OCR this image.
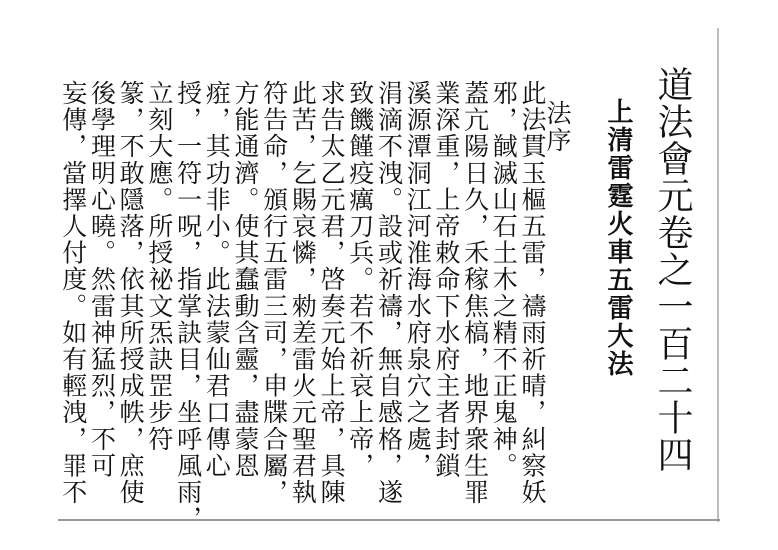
道法會元卷之一百二十四
上清雷霆火車五雷大法
法序
此法貫玉樞五雷，禱雨祈晴，糾察妖
邪，馘滅山石土木之精不正鬼神。
蓋亢陽日久，禾稼焦槁，地界衆生罪
業深重，上帝敕命下水府主者封鎖
溪源潭洞江河淮海水府泉穴之處，
涓滴不洩。設或祈禱，無自感格，遂
致饑饉疫癘刀兵。若不祈哀上帝，
求告太乙元君，啓奏元始上帝，具陳
此苦，乞賜哀憐，勑差雷火元聖君執
符告命，頒行五雷三司，申牒合屬，
方能通濟。使其蠢動含靈，盡蒙恩
㾠，其功非小。此法蒙仙君口傳心
授，一符一呪，指掌訣目，坐呼風雨，
立刻大應。所授祕文炁訣罡步符
篆，不敢隱落，依其所授成帙，庶使
後學理明心曉。然雷神猛烈，不可
妄傳，當擇人付度。如有輕洩，罪不
